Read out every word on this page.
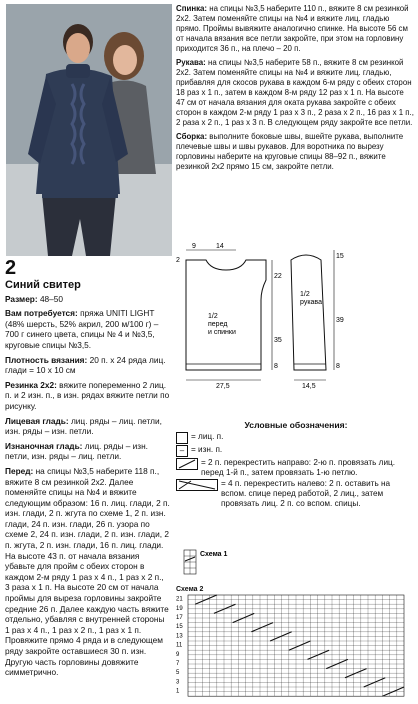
2
Синий свитер

Размер: 48–50

Вам потребуется: пряжа UNITI LIGHT (48% шерсть, 52% акрил, 200 м/100 г) – 700 г синего цвета, спицы № 4 и №3,5, круговые спицы №3,5.

Плотность вязания: 20 п. х 24 ряда лиц. глади = 10 х 10 см

Резинка 2х2: вяжите попеременно 2 лиц. п. и 2 изн. п., в изн. рядах вяжите петли по рисунку.

Лицевая гладь: лиц. ряды – лиц. петли, изн. ряды – изн. петли.

Изнаночная гладь: лиц. ряды – изн. петли, изн. ряды – лиц. петли.

Перед: на спицы №3,5 наберите 118 п., вяжите 8 см резинкой 2х2. Далее поменяйте спицы на №4 и вяжите следующим образом: 16 п. лиц. глади, 2 п. изн. глади, 2 п. жгута по схеме 1, 2 п. изн. глади, 24 п. изн. глади, 26 п. узора по схеме 2, 24 п. изн. глади, 2 п. изн. глади, 2 п. жгута, 2 п. изн. глади, 16 п. лиц. глади. На высоте 43 п. от начала вязания убавьте для пройм с обеих сторон в каждом 2-м ряду 1 раз х 4 п., 1 раз х 2 п., 3 раза х 1 п. На высоте 20 см от начала проймы для выреза горловины закройте средние 26 п. Далее каждую часть вяжите отдельно, убавляя с внутренней стороны 1 раз х 4 п., 1 раз х 2 п., 1 раз х 1 п. Провяжите прямо 4 ряда и в следующем ряду закройте оставшиеся 30 п. изн. Другую часть горловины довяжите симметрично.

Спинка: на спицы №3,5 наберите 110 п., вяжите 8 см резинкой 2х2. Затем поменяйте спицы на №4 и вяжите лиц. гладью прямо. Проймы вывяжите аналогично спинке. На высоте 56 см от начала вязания все петли закройте, при этом на горловину приходится 36 п., на плечо – 20 п.

Рукава: на спицы №3,5 наберите 58 п., вяжите 8 см резинкой 2х2. Затем поменяйте спицы на №4 и вяжите лиц. гладью, прибавляя для скосов рукава в каждом 6-м ряду с обеих сторон 18 раз х 1 п., затем в каждом 8-м ряду 12 раз х 1 п. На высоте 47 см от начала вязания для оката рукава закройте с обеих сторон в каждом 2-м ряду 1 раз х 3 п., 2 раза х 2 п., 16 раз х 1 п., 2 раза х 2 п., 1 раз х 3 п. В следующем ряду закройте все петли.

Сборка: выполните боковые швы, вшейте рукава, выполните плечевые швы и швы рукавов. Для воротника по вырезу горловины наберите на круговые спицы 88–92 п., вяжите резинкой 2х2 прямо 15 см, закройте петли.

9	14
2
22
35
8
27,5
1/2
перед
и спинки
15
39
8
1/2
рукава
14,5
Условные обозначения:
= лиц. п.
– = изн. п.
= 2 п. перекрестить направо: 2-ю п. провязать лиц. перед 1-й п., затем провязать 1-ю петлю.
= 4 п. перекрестить налево: 2 п. оставить на вспом. спице перед работой, 2 лиц., затем провязать лиц. 2 п. со вспом. спицы.
Схема 1
Схема 2
21
19
17
15
13
11
9
7
5
3
1
